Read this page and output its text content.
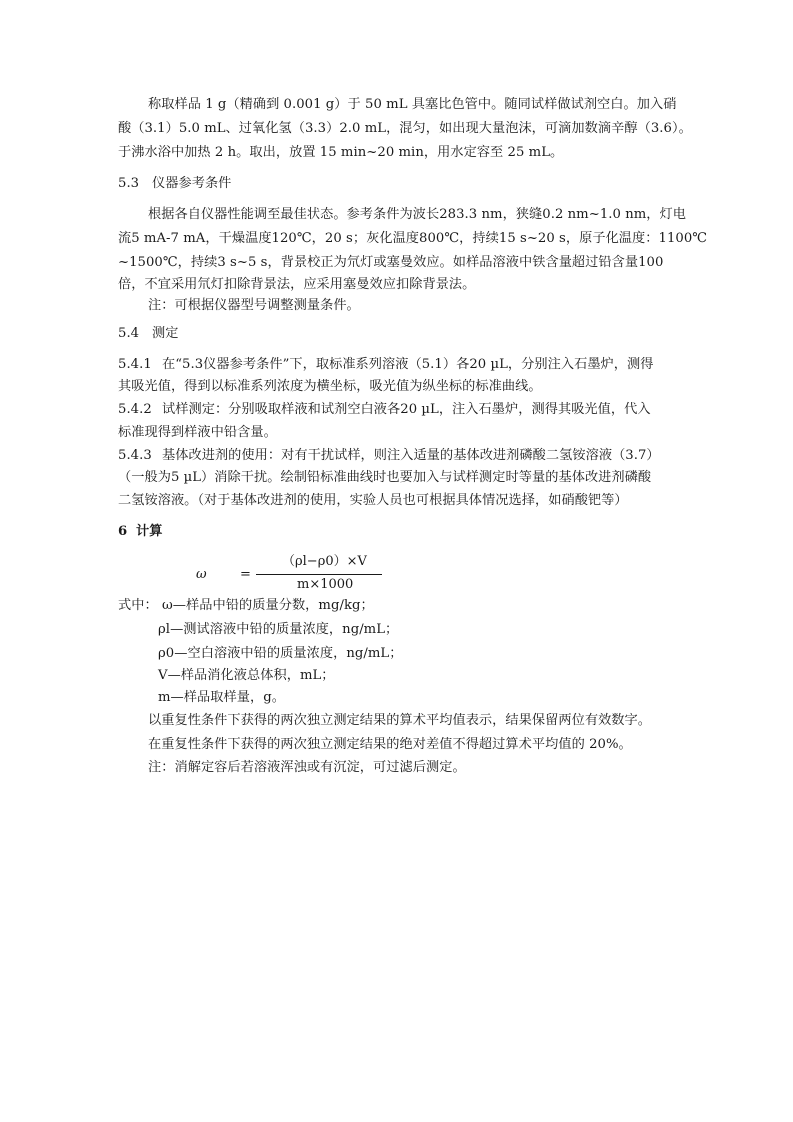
称取样品 1 g（精确到 0.001 g）于 50 mL 具塞比色管中。随同试样做试剂空白。加入硝
酸（3.1）5.0 mL、过氧化氢（3.3）2.0 mL，混匀，如出现大量泡沫，可滴加数滴辛醇（3.6）。
于沸水浴中加热 2 h。取出，放置 15 min~20 min，用水定容至 25 mL。
5.3 仪器参考条件
根据各自仪器性能调至最佳状态。参考条件为波长283.3 nm，狭缝0.2 nm~1.0 nm，灯电
流5 mA-7 mA，干燥温度120℃，20 s；灰化温度800℃，持续15 s~20 s，原子化温度：1100℃
~1500℃，持续3 s~5 s，背景校正为氘灯或塞曼效应。如样品溶液中铁含量超过铅含量100
倍，不宜采用氘灯扣除背景法，应采用塞曼效应扣除背景法。
注：可根据仪器型号调整测量条件。
5.4 测定
5.4.1 在“5.3仪器参考条件”下，取标准系列溶液（5.1）各20 µL，分别注入石墨炉，测得
其吸光值，得到以标准系列浓度为横坐标，吸光值为纵坐标的标准曲线。
5.4.2 试样测定：分别吸取样液和试剂空白液各20 µL，注入石墨炉，测得其吸光值，代入
标准现得到样液中铅含量。
5.4.3 基体改进剂的使用：对有干扰试样，则注入适量的基体改进剂磷酸二氢铵溶液（3.7）
（一般为5 µL）消除干扰。绘制铅标准曲线时也要加入与试样测定时等量的基体改进剂磷酸
二氢铵溶液。（对于基体改进剂的使用，实验人员也可根据具体情况选择，如硝酸钯等）
6 计算
ω	=
（ρl−ρ0）×V
m×1000
式中： ω—样品中铅的质量分数，mg/kg；
ρl—测试溶液中铅的质量浓度，ng/mL；
ρ0—空白溶液中铅的质量浓度，ng/mL；
V—样品消化液总体积，mL；
m—样品取样量，g。
以重复性条件下获得的两次独立测定结果的算术平均值表示，结果保留两位有效数字。
在重复性条件下获得的两次独立测定结果的绝对差值不得超过算术平均值的 20%。
注：消解定容后若溶液浑浊或有沉淀，可过滤后测定。
